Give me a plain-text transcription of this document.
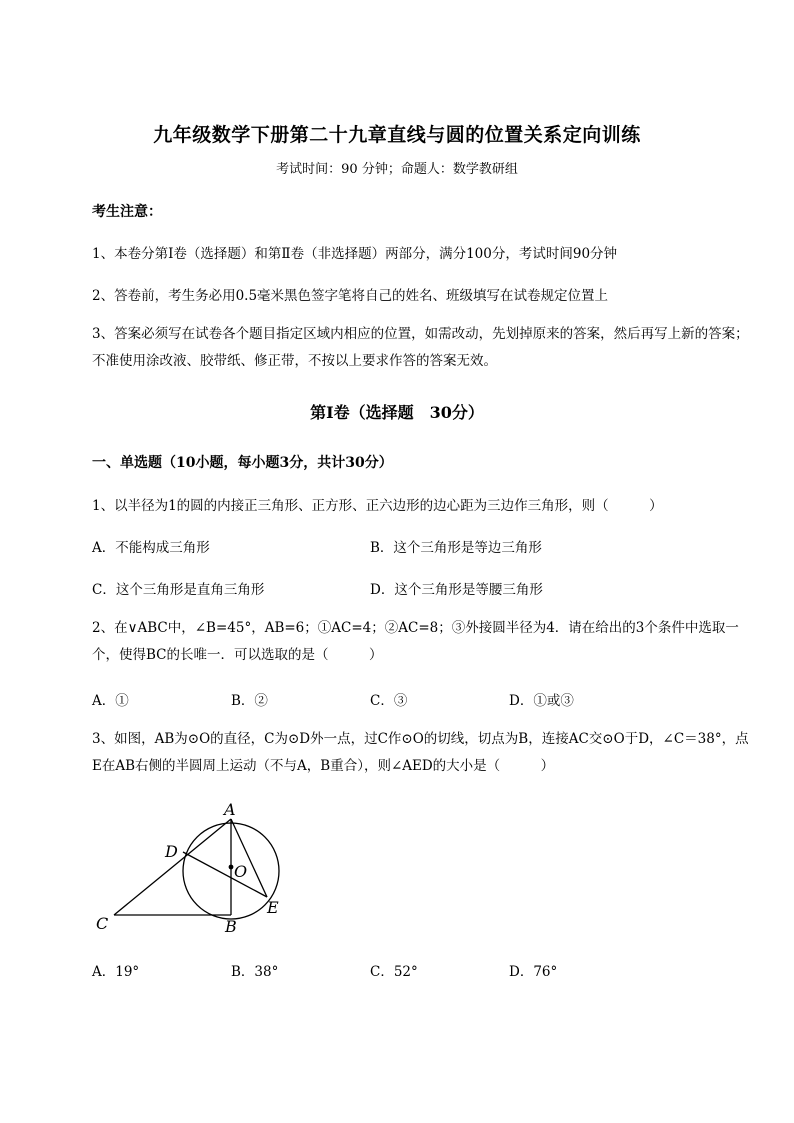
九年级数学下册第二十九章直线与圆的位置关系定向训练
考试时间：90 分钟；命题人：数学教研组
考生注意：
1、本卷分第Ⅰ卷（选择题）和第Ⅱ卷（非选择题）两部分，满分100分，考试时间90分钟
2、答卷前，考生务必用0.5毫米黑色签字笔将自己的姓名、班级填写在试卷规定位置上
3、答案必须写在试卷各个题目指定区域内相应的位置，如需改动，先划掉原来的答案，然后再写上新的答案；不准使用涂改液、胶带纸、修正带，不按以上要求作答的答案无效。
第Ⅰ卷（选择题　30分）
一、单选题（10小题，每小题3分，共计30分）
1、以半径为1的圆的内接正三角形、正方形、正六边形的边心距为三边作三角形，则（　　　）
A．不能构成三角形	B．这个三角形是等边三角形
C．这个三角形是直角三角形	D．这个三角形是等腰三角形
2、在∨ABC中，∠B=45°，AB=6；①AC=4；②AC=8；③外接圆半径为4．请在给出的3个条件中选取一个，使得BC的长唯一．可以选取的是（　　　）
A．①	B．②	C．③	D．①或③
3、如图，AB为⊙O的直径，C为⊙D外一点，过C作⊙O的切线，切点为B，连接AC交⊙O于D，∠C＝38°，点E在AB右侧的半圆周上运动（不与A，B重合），则∠AED的大小是（　　　）
A
B
C
D
E
O
A．19°	B．38°	C．52°	D．76°
